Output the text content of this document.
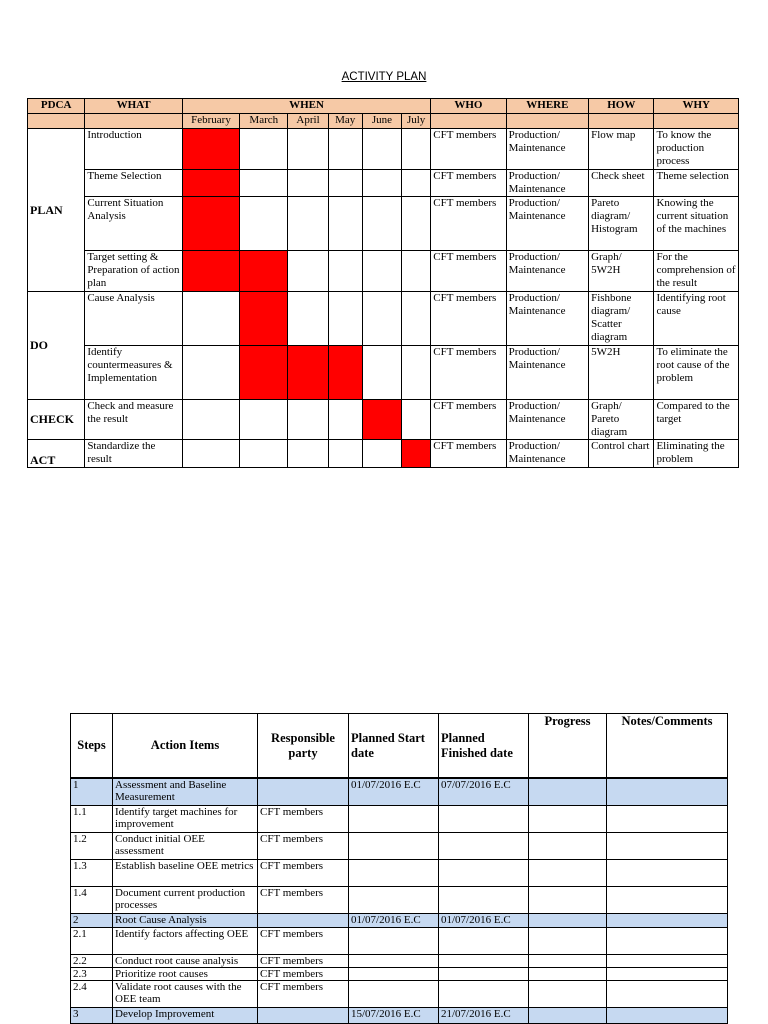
ACTIVITY PLAN
PDCA	WHAT	WHEN						WHO	WHERE	HOW	WHY
		February	March	April	May	June	July				
PLAN	Introduction							CFT members	Production/ Maintenance	Flow map	To know the production process
	Theme Selection							CFT members	Production/ Maintenance	Check sheet	Theme selection
	Current Situation Analysis							CFT members	Production/ Maintenance	Pareto diagram/ Histogram	Knowing the current situation of the machines
	Target setting & Preparation of action plan							CFT members	Production/ Maintenance	Graph/ 5W2H	For the comprehension of the result
DO	Cause Analysis							CFT members	Production/ Maintenance	Fishbone diagram/ Scatter diagram	Identifying root cause
	Identify countermeasures & Implementation							CFT members	Production/ Maintenance	5W2H	To eliminate the root cause of the problem
CHECK	Check and measure the result							CFT members	Production/ Maintenance	Graph/ Pareto diagram	Compared to the target
ACT	Standardize the result							CFT members	Production/ Maintenance	Control chart	Eliminating the problem
Steps	Action Items	Responsible party	Planned Start date	Planned Finished date	Progress	Notes/Comments

1	Assessment and Baseline Measurement		01/07/2016 E.C	07/07/2016 E.C		
1.1	Identify target machines for improvement	CFT members				
1.2	Conduct initial OEE assessment	CFT members				
1.3	Establish baseline OEE metrics	CFT members				
1.4	Document current production processes	CFT members				
2	Root Cause Analysis		01/07/2016 E.C	01/07/2016 E.C		
2.1	Identify factors affecting OEE	CFT members				
2.2	Conduct root cause analysis	CFT members				
2.3	Prioritize root causes	CFT members				
2.4	Validate root causes with the OEE team	CFT members				
3	Develop Improvement		15/07/2016 E.C	21/07/2016 E.C		
